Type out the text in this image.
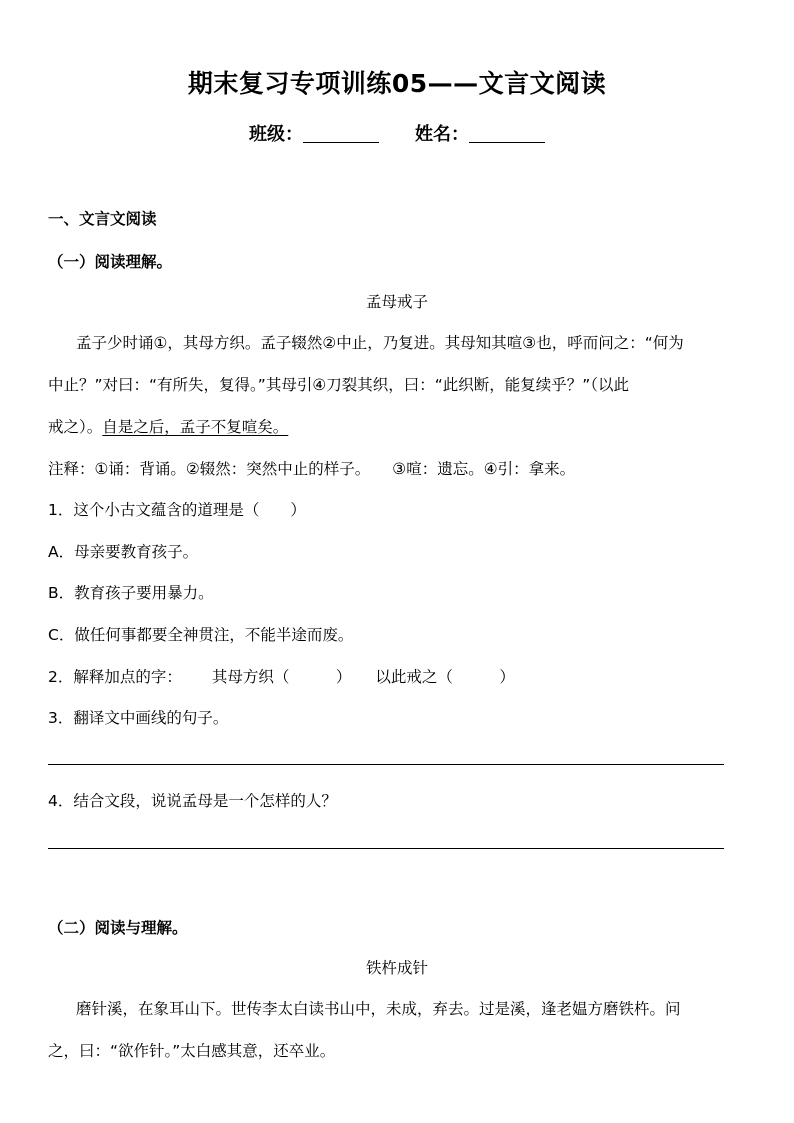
期末复习专项训练05——文言文阅读
班级：	姓名：
一、文言文阅读
（一）阅读理解。
孟母戒子
孟子少时诵①，其母方织。孟子辍然②中止，乃复进。其母知其喧③也，呼而问之：“何为
中止？”对曰：“有所失，复得。”其母引④刀裂其织，曰：“此织断，能复续乎？”（以此
戒之）。自是之后，孟子不复喧矣。
注释：①诵：背诵。②辍然：突然中止的样子。 ③喧：遗忘。④引：拿来。
1．这个小古文蕴含的道理是（　　）
A．母亲要教育孩子。
B．教育孩子要用暴力。
C．做任何事都要全神贯注，不能半途而废。
2．解释加点的字： 其母方织（　　　） 以此戒之（　　　）
3．翻译文中画线的句子。
4．结合文段，说说孟母是一个怎样的人？
（二）阅读与理解。
铁杵成针
磨针溪，在象耳山下。世传李太白读书山中，未成，弃去。过是溪，逢老媪方磨铁杵。问
之，曰：“欲作针。”太白感其意，还卒业。
